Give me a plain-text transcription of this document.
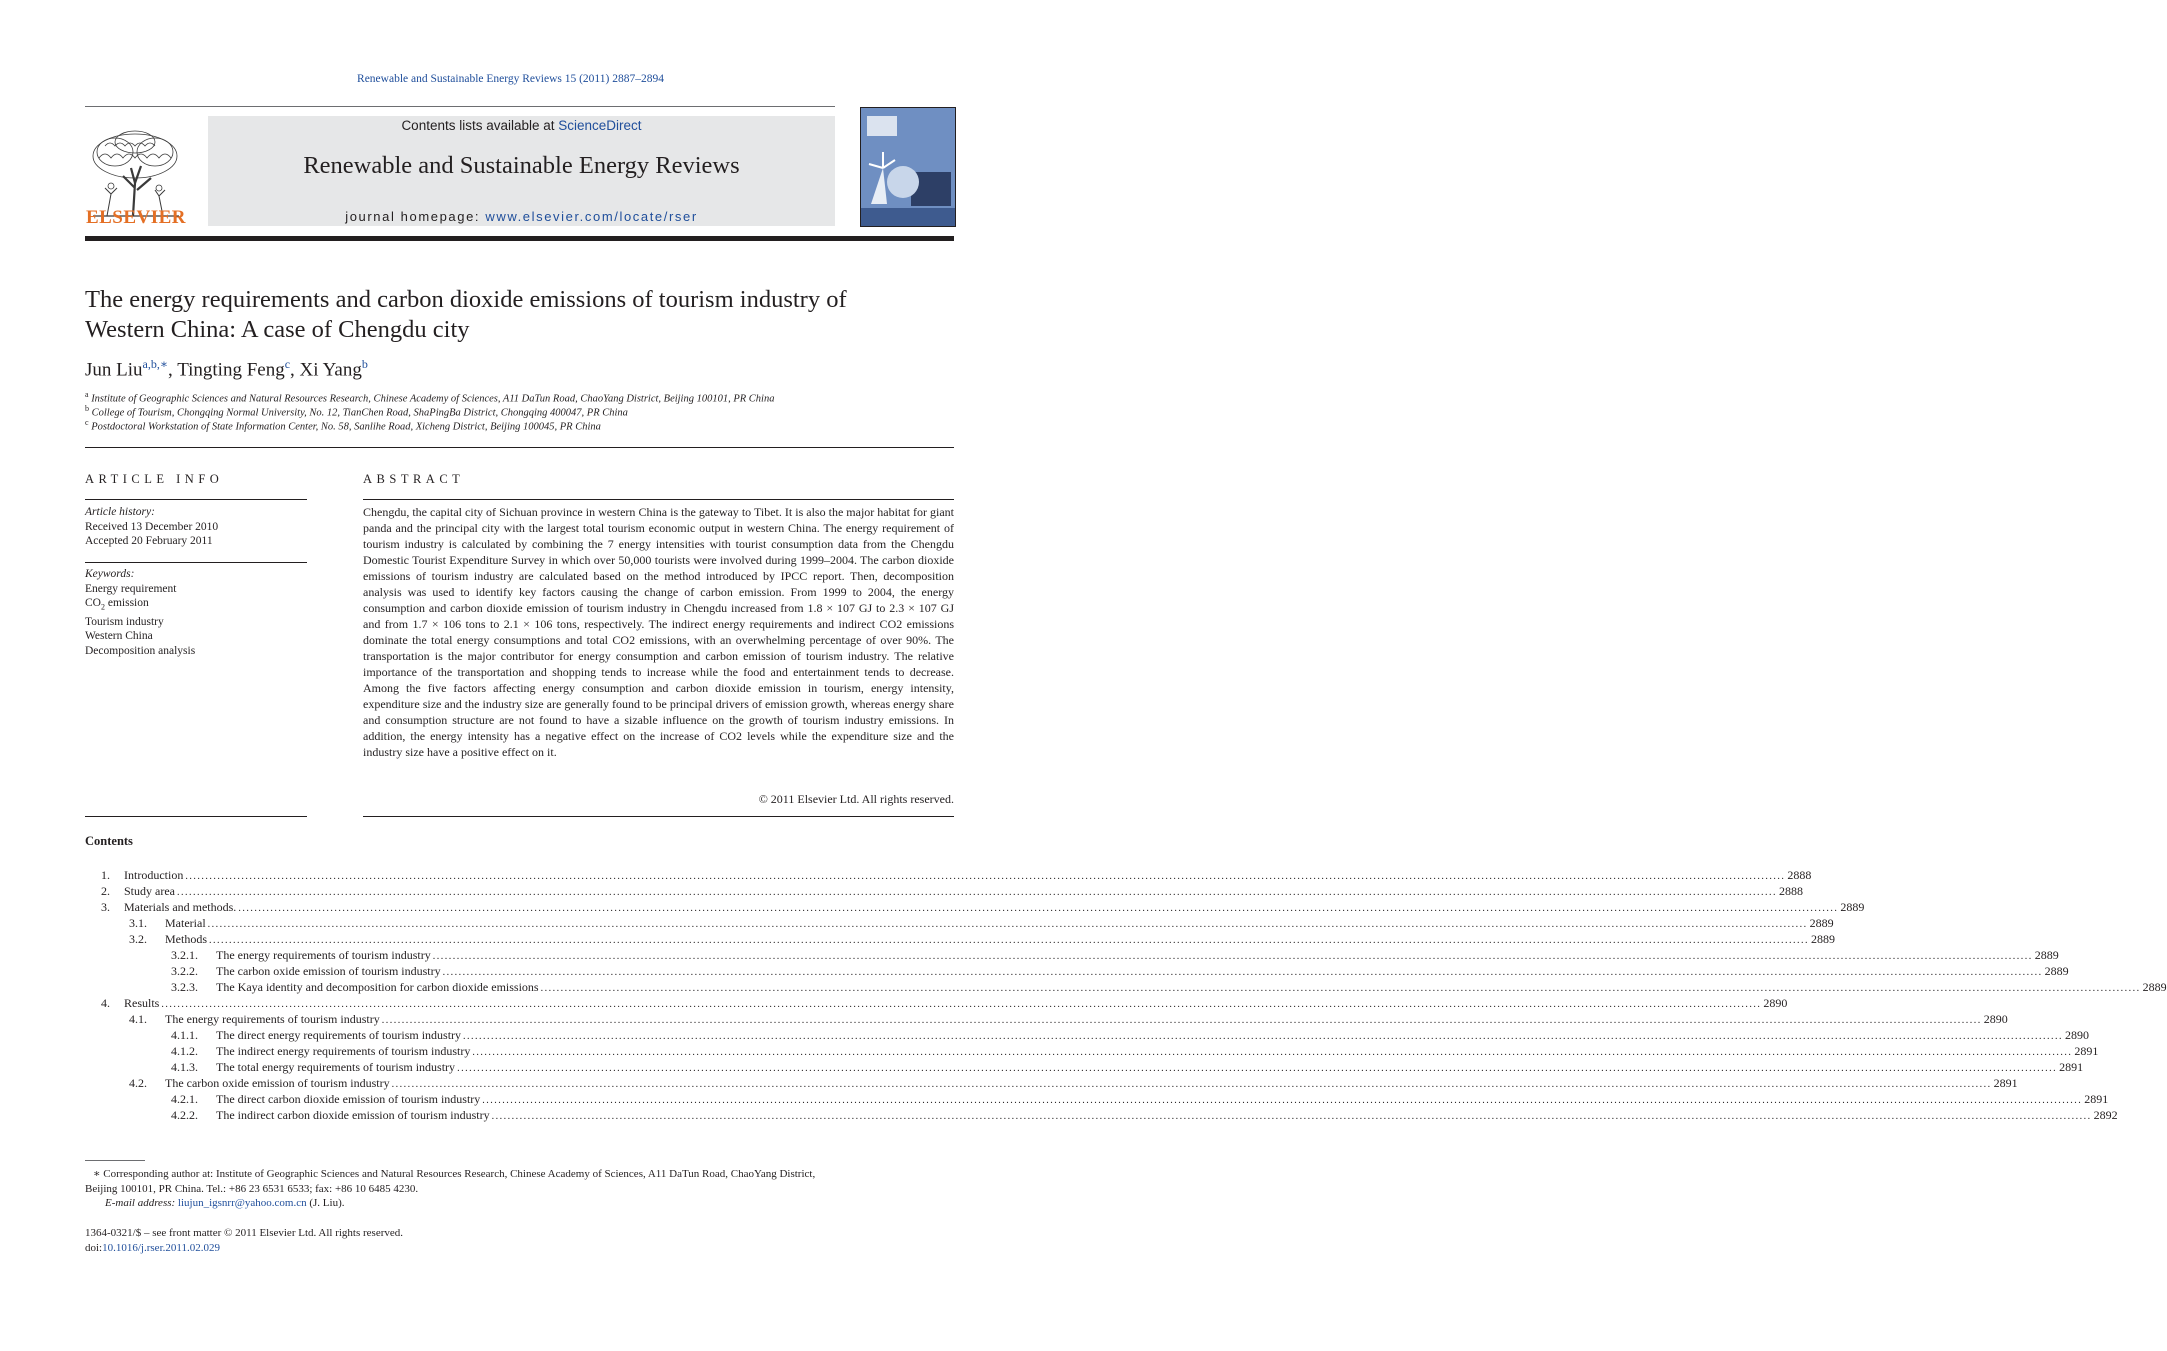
Renewable and Sustainable Energy Reviews 15 (2011) 2887–2894
ELSEVIER
Contents lists available at ScienceDirect
Renewable and Sustainable Energy Reviews
journal homepage: www.elsevier.com/locate/rser
The energy requirements and carbon dioxide emissions of tourism industry of
Western China: A case of Chengdu city
Jun Liu$^{a,b,∗}$, Tingting Feng$^c$, Xi Yang$^b$
$^a$ Institute of Geographic Sciences and Natural Resources Research, Chinese Academy of Sciences, A11 DaTun Road, ChaoYang District, Beijing 100101, PR China
$^b$ College of Tourism, Chongqing Normal University, No. 12, TianChen Road, ShaPingBa District, Chongqing 400047, PR China
$^c$ Postdoctoral Workstation of State Information Center, No. 58, Sanlihe Road, Xicheng District, Beijing 100045, PR China
ARTICLE INFO
Article history:
Received 13 December 2010
Accepted 20 February 2011
Keywords:
Energy requirement
$CO_2$ emission
Tourism industry
Western China
Decomposition analysis
ABSTRACT
Chengdu, the capital city of Sichuan province in western China is the gateway to Tibet. It is also the major habitat for giant panda and the principal city with the largest total tourism economic output in western China. The energy requirement of tourism industry is calculated by combining the 7 energy intensities with tourist consumption data from the Chengdu Domestic Tourist Expenditure Survey in which over 50,000 tourists were involved during 1999–2004. The carbon dioxide emissions of tourism industry are calculated based on the method introduced by IPCC report. Then, decomposition analysis was used to identify key factors causing the change of carbon emission. From 1999 to 2004, the energy consumption and carbon dioxide emission of tourism industry in Chengdu increased from 1.8 × 107 GJ to 2.3 × 107 GJ and from 1.7 × 106 tons to 2.1 × 106 tons, respectively. The indirect energy requirements and indirect CO2 emissions dominate the total energy consumptions and total CO2 emissions, with an overwhelming percentage of over 90%. The transportation is the major contributor for energy consumption and carbon emission of tourism industry. The relative importance of the transportation and shopping tends to increase while the food and entertainment tends to decrease. Among the five factors affecting energy consumption and carbon dioxide emission in tourism, energy intensity, expenditure size and the industry size are generally found to be principal drivers of emission growth, whereas energy share and consumption structure are not found to have a sizable influence on the growth of tourism industry emissions. In addition, the energy intensity has a negative effect on the increase of CO2 levels while the expenditure size and the industry size have a positive effect on it.
© 2011 Elsevier Ltd. All rights reserved.
Contents
1. Introduction ................................................................................................................................................................................................................................................................................................................................................................................................................ 2888
2. Study area ................................................................................................................................................................................................................................................................................................................................................................................................................ 2888
3. Materials and methods. ................................................................................................................................................................................................................................................................................................................................................................................................................ 2889
3.1. Material ................................................................................................................................................................................................................................................................................................................................................................................................................ 2889
3.2. Methods ................................................................................................................................................................................................................................................................................................................................................................................................................ 2889
3.2.1. The energy requirements of tourism industry ................................................................................................................................................................................................................................................................................................................................................................................................................ 2889
3.2.2. The carbon oxide emission of tourism industry ................................................................................................................................................................................................................................................................................................................................................................................................................ 2889
3.2.3. The Kaya identity and decomposition for carbon dioxide emissions ................................................................................................................................................................................................................................................................................................................................................................................................................ 2889
4. Results ................................................................................................................................................................................................................................................................................................................................................................................................................ 2890
4.1. The energy requirements of tourism industry ................................................................................................................................................................................................................................................................................................................................................................................................................ 2890
4.1.1. The direct energy requirements of tourism industry ................................................................................................................................................................................................................................................................................................................................................................................................................ 2890
4.1.2. The indirect energy requirements of tourism industry ................................................................................................................................................................................................................................................................................................................................................................................................................ 2891
4.1.3. The total energy requirements of tourism industry ................................................................................................................................................................................................................................................................................................................................................................................................................ 2891
4.2. The carbon oxide emission of tourism industry ................................................................................................................................................................................................................................................................................................................................................................................................................ 2891
4.2.1. The direct carbon dioxide emission of tourism industry ................................................................................................................................................................................................................................................................................................................................................................................................................ 2891
4.2.2. The indirect carbon dioxide emission of tourism industry ................................................................................................................................................................................................................................................................................................................................................................................................................ 2892
∗ Corresponding author at: Institute of Geographic Sciences and Natural Resources Research, Chinese Academy of Sciences, A11 DaTun Road, ChaoYang District,
Beijing 100101, PR China. Tel.: +86 23 6531 6533; fax: +86 10 6485 4230.
E-mail address: liujun_igsnrr@yahoo.com.cn (J. Liu).
1364-0321/$ – see front matter © 2011 Elsevier Ltd. All rights reserved.
doi:10.1016/j.rser.2011.02.029
